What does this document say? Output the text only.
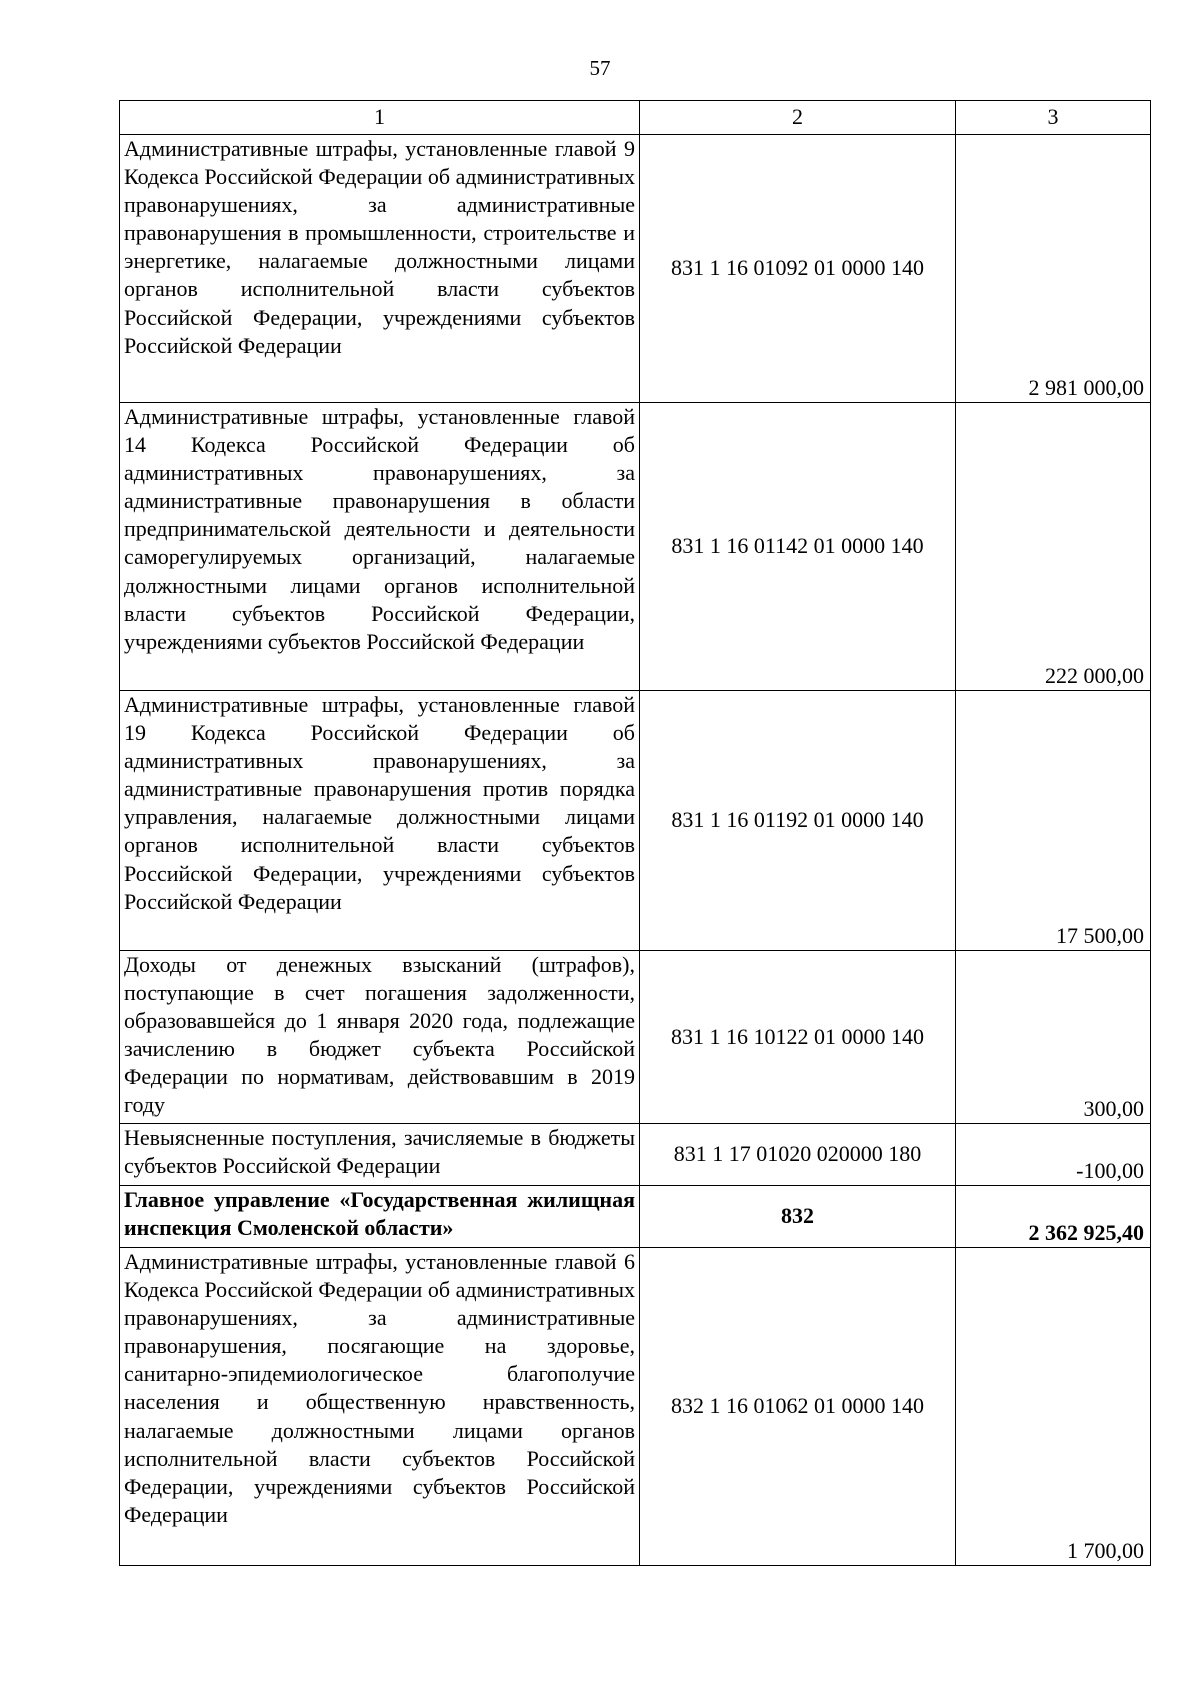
57
1	2	3
Административные штрафы, установленные главой 9 Кодекса Российской Федерации об административных правонарушениях, за административные правонарушения в промышленности, строительстве и энергетике, налагаемые должностными лицами органов исполнительной власти субъектов Российской Федерации, учреждениями субъектов Российской Федерации	831 1 16 01092 01 0000 140	2 981 000,00
Административные штрафы, установленные главой 14 Кодекса Российской Федерации об административных правонарушениях, за административные правонарушения в области предпринимательской деятельности и деятельности саморегулируемых организаций, налагаемые должностными лицами органов исполнительной власти субъектов Российской Федерации, учреждениями субъектов Российской Федерации	831 1 16 01142 01 0000 140	222 000,00
Административные штрафы, установленные главой 19 Кодекса Российской Федерации об административных правонарушениях, за административные правонарушения против порядка управления, налагаемые должностными лицами органов исполнительной власти субъектов Российской Федерации, учреждениями субъектов Российской Федерации	831 1 16 01192 01 0000 140	17 500,00
Доходы от денежных взысканий (штрафов), поступающие в счет погашения задолженности, образовавшейся до 1 января 2020 года, подлежащие зачислению в бюджет субъекта Российской Федерации по нормативам, действовавшим в 2019 году	831 1 16 10122 01 0000 140	300,00
Невыясненные поступления, зачисляемые в бюджеты субъектов Российской Федерации	831 1 17 01020 020000 180	-100,00
Главное управление «Государственная жилищная инспекция Смоленской области»	832	2 362 925,40
Административные штрафы, установленные главой 6 Кодекса Российской Федерации об административных правонарушениях, за административные правонарушения, посягающие на здоровье, санитарно-эпидемиологическое благополучие населения и общественную нравственность, налагаемые должностными лицами органов исполнительной власти субъектов Российской Федерации, учреждениями субъектов Российской Федерации	832 1 16 01062 01 0000 140	1 700,00
